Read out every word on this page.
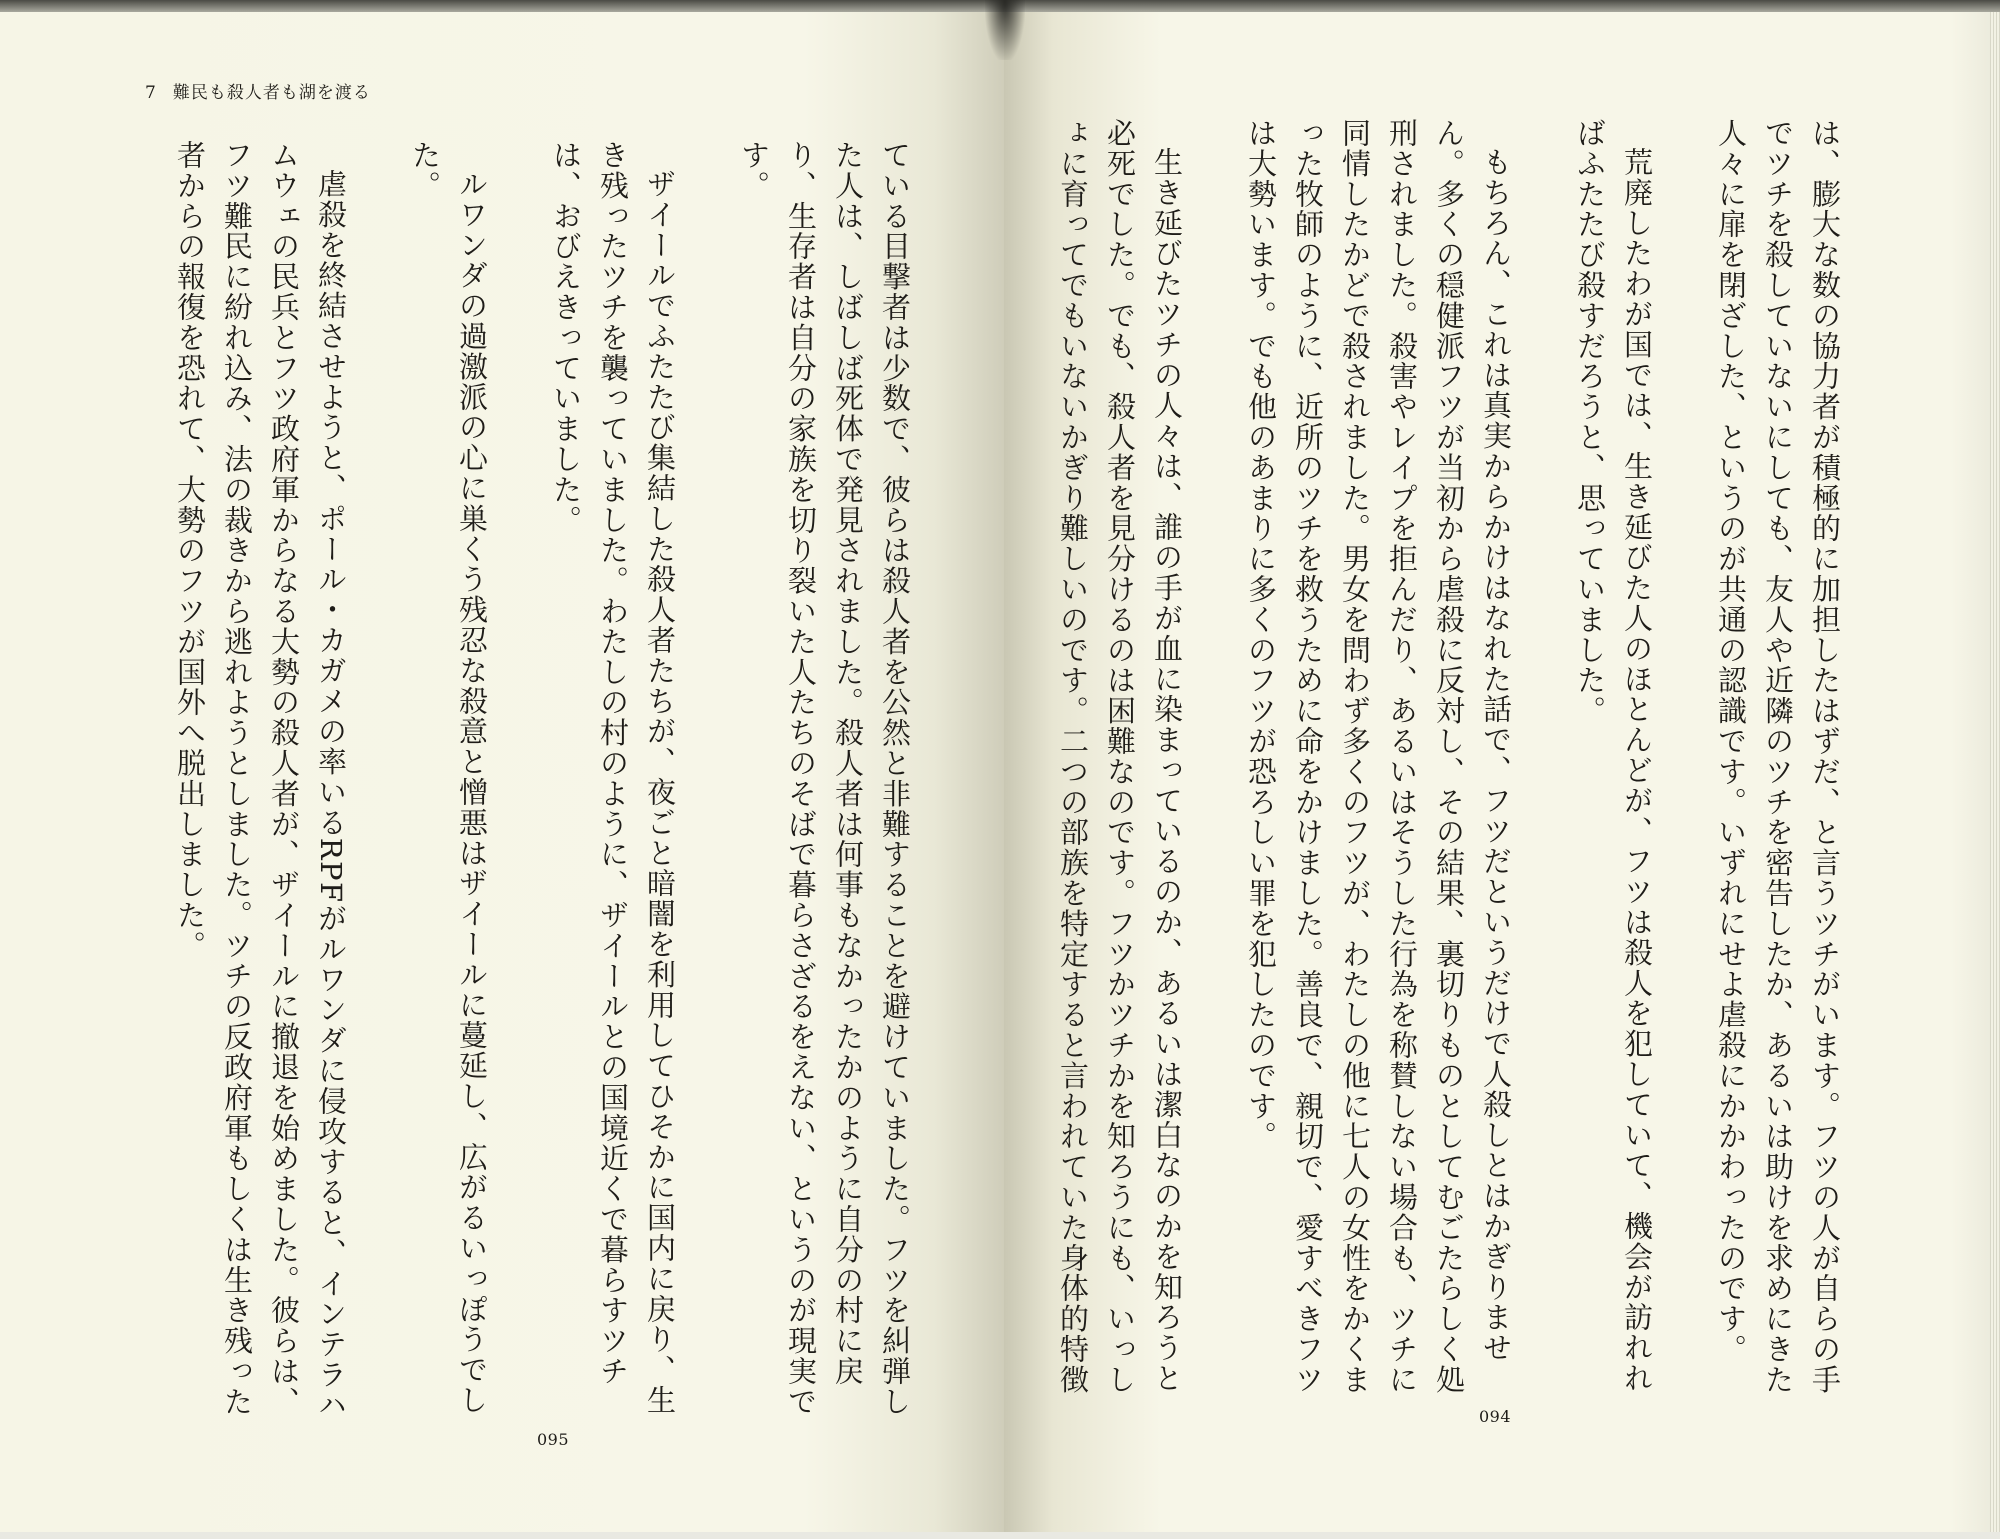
7 難民も殺人者も湖を渡る

は、膨大な数の協力者が積極的に加担したはずだ、と言うツチがいます。フツの人が自らの手でツチを殺していないにしても、友人や近隣のツチを密告したか、あるいは助けを求めにきた人々に扉を閉ざした、というのが共通の認識です。いずれにせよ虐殺にかかわったのです。

荒廃したわが国では、生き延びた人のほとんどが、フツは殺人を犯していて、機会が訪れればふたたび殺すだろうと、思っていました。

もちろん、これは真実からかけはなれた話で、フツだというだけで人殺しとはかぎりません。多くの穏健派フツが当初から虐殺に反対し、その結果、裏切りものとしてむごたらしく処刑されました。殺害やレイプを拒んだり、あるいはそうした行為を称賛しない場合も、ツチに同情したかどで殺されました。男女を問わず多くのフツが、わたしの他に七人の女性をかくまった牧師のように、近所のツチを救うために命をかけました。善良で、親切で、愛すべきフツは大勢います。でも他のあまりに多くのフツが恐ろしい罪を犯したのです。

生き延びたツチの人々は、誰の手が血に染まっているのか、あるいは潔白なのかを知ろうと必死でした。でも、殺人者を見分けるのは困難なのです。フツかツチかを知ろうにも、いっしょに育ってでもいないかぎり難しいのです。二つの部族を特定すると言われていた身体的特徴

ている目撃者は少数で、彼らは殺人者を公然と非難することを避けていました。フツを糾弾した人は、しばしば死体で発見されました。殺人者は何事もなかったかのように自分の村に戻り、生存者は自分の家族を切り裂いた人たちのそばで暮らさざるをえない、というのが現実です。

ザイールでふたたび集結した殺人者たちが、夜ごと暗闇を利用してひそかに国内に戻り、生き残ったツチを襲っていました。わたしの村のように、ザイールとの国境近くで暮らすツチは、おびえきっていました。

ルワンダの過激派の心に巣くう残忍な殺意と憎悪はザイールに蔓延し、広がるいっぽうでした。

虐殺を終結させようと、ポール・カガメの率いるRPFがルワンダに侵攻すると、インテラハムウェの民兵とフツ政府軍からなる大勢の殺人者が、ザイールに撤退を始めました。彼らは、フツ難民に紛れ込み、法の裁きから逃れようとしました。ツチの反政府軍もしくは生き残った者からの報復を恐れて、大勢のフツが国外へ脱出しました。

094
095
